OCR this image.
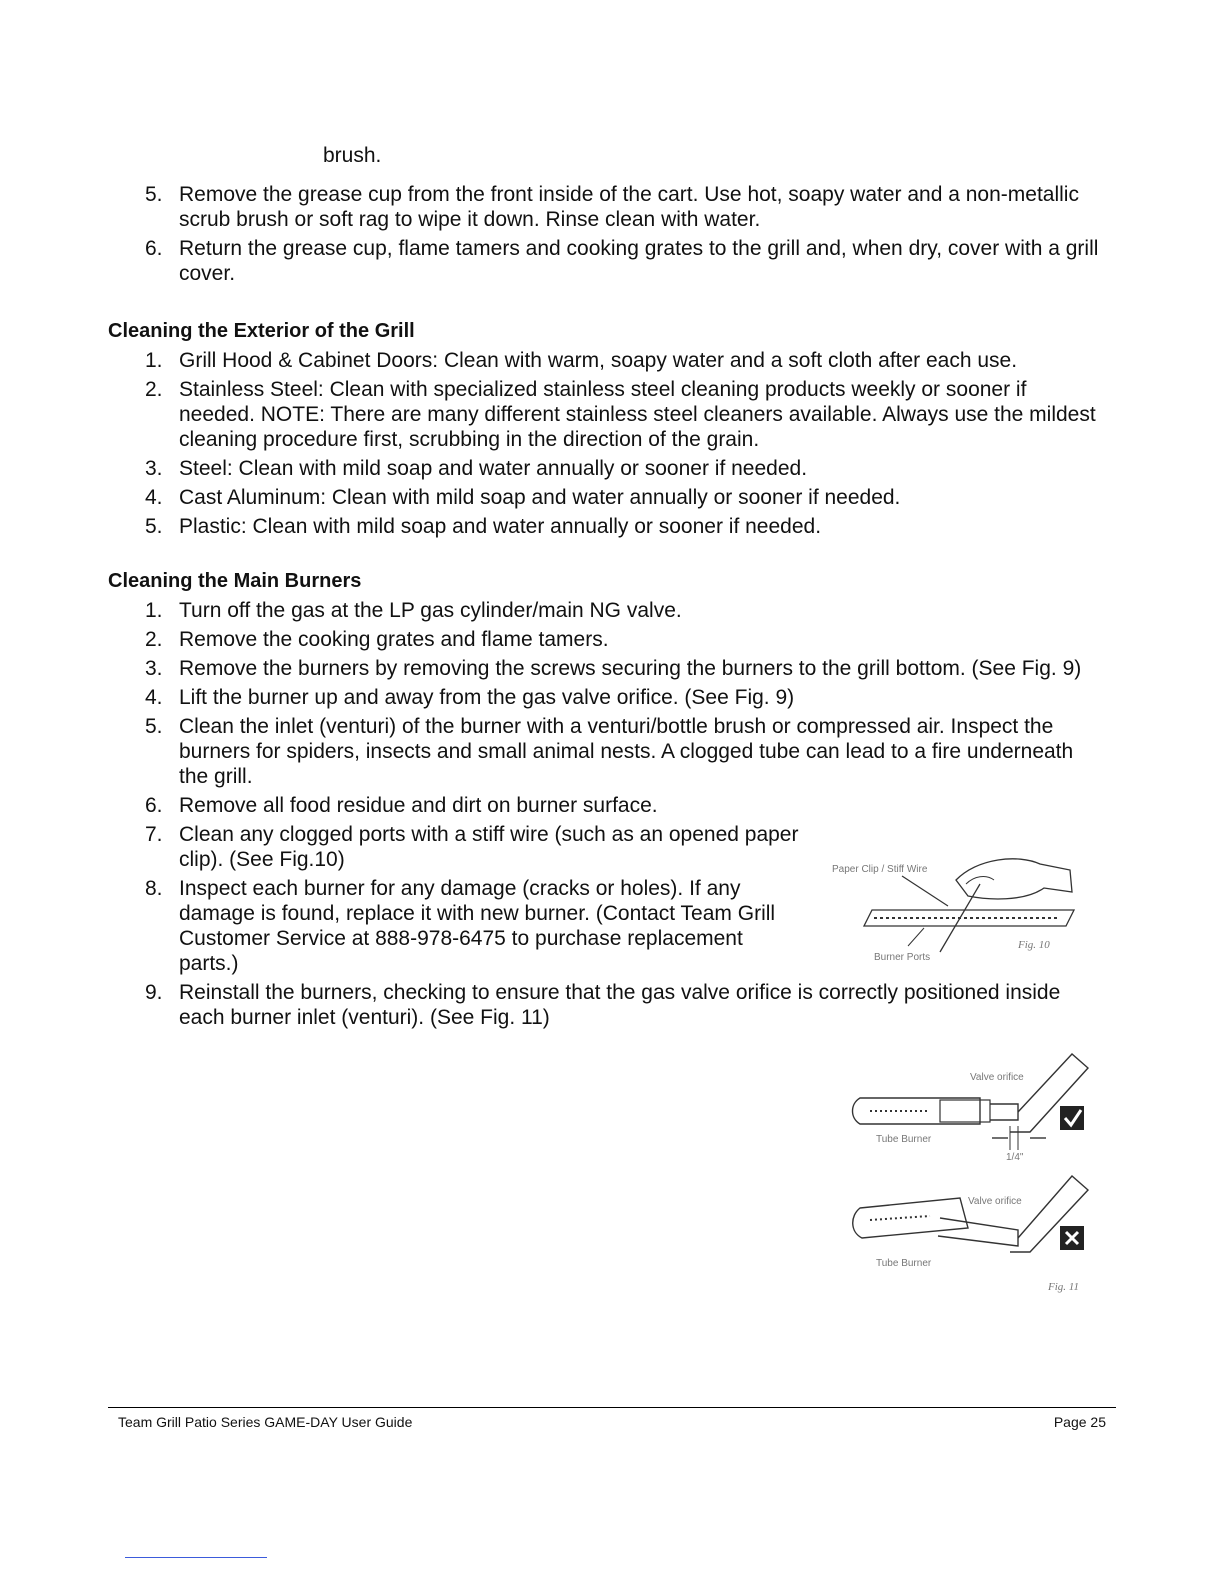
brush.
5. Remove the grease cup from the front inside of the cart. Use hot, soapy water and a non-metallic scrub brush or soft rag to wipe it down. Rinse clean with water.
6. Return the grease cup, flame tamers and cooking grates to the grill and, when dry, cover with a grill cover.
Cleaning the Exterior of the Grill
1. Grill Hood & Cabinet Doors: Clean with warm, soapy water and a soft cloth after each use.
2. Stainless Steel: Clean with specialized stainless steel cleaning products weekly or sooner if needed. NOTE: There are many different stainless steel cleaners available. Always use the mildest cleaning procedure first, scrubbing in the direction of the grain.
3. Steel: Clean with mild soap and water annually or sooner if needed.
4. Cast Aluminum: Clean with mild soap and water annually or sooner if needed.
5. Plastic: Clean with mild soap and water annually or sooner if needed.
Cleaning the Main Burners
1. Turn off the gas at the LP gas cylinder/main NG valve.
2. Remove the cooking grates and flame tamers.
3. Remove the burners by removing the screws securing the burners to the grill bottom. (See Fig. 9)
4. Lift the burner up and away from the gas valve orifice. (See Fig. 9)
5. Clean the inlet (venturi) of the burner with a venturi/bottle brush or compressed air. Inspect the burners for spiders, insects and small animal nests. A clogged tube can lead to a fire underneath the grill.
6. Remove all food residue and dirt on burner surface.
7. Clean any clogged ports with a stiff wire (such as an opened paper clip). (See Fig.10)
8. Inspect each burner for any damage (cracks or holes). If any damage is found, replace it with new burner. (Contact Team Grill Customer Service at 888-978-6475 to purchase replacement parts.)
9. Reinstall the burners, checking to ensure that the gas valve orifice is correctly positioned inside each burner inlet (venturi). (See Fig. 11)
Paper Clip / Stiff Wire
Burner Ports
Fig. 10
Valve orifice
Tube Burner
1/4"
Valve orifice
Tube Burner
Fig. 11
Team Grill Patio Series GAME-DAY User Guide	Page 25
